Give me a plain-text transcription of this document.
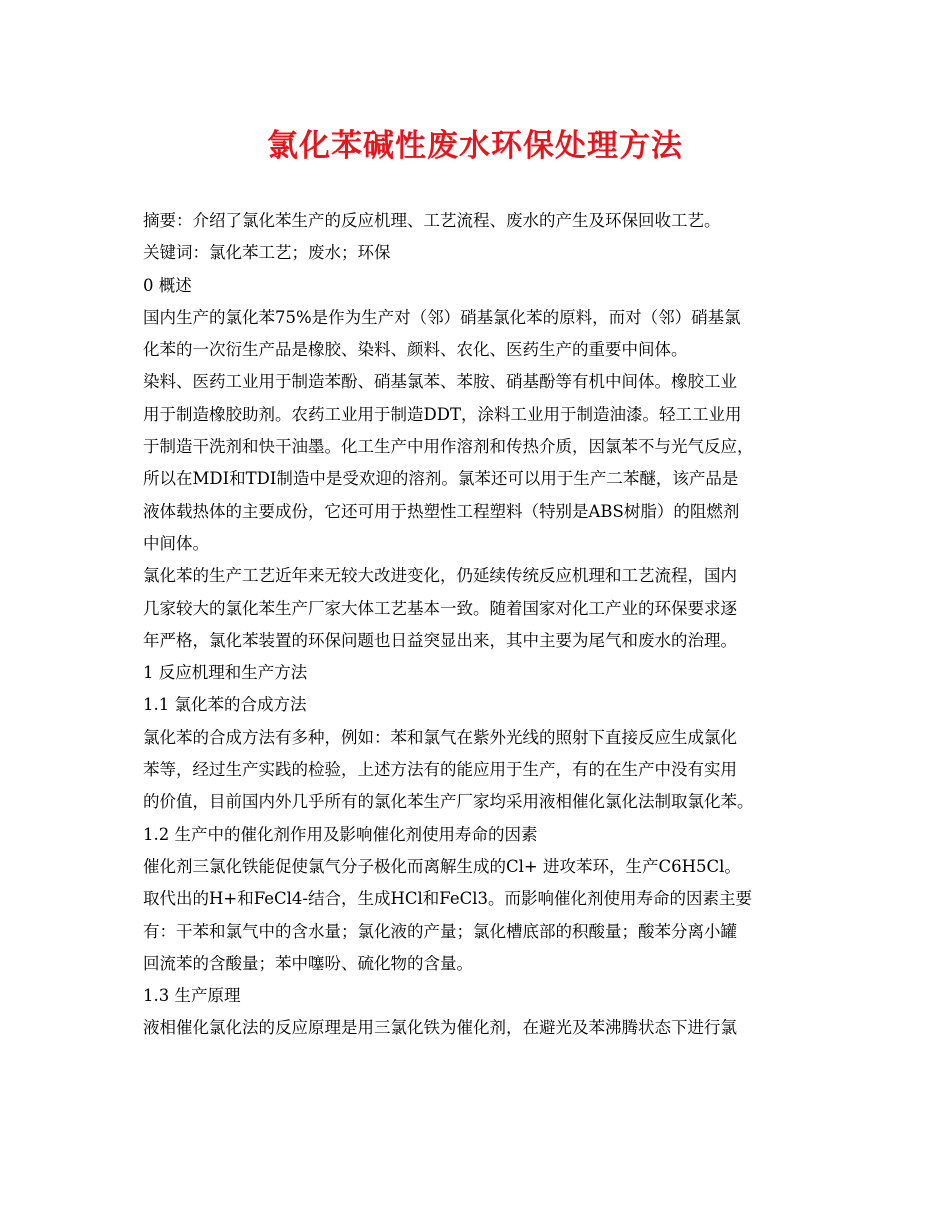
氯化苯碱性废水环保处理方法

摘要：介绍了氯化苯生产的反应机理、工艺流程、废水的产生及环保回收工艺。

关键词：氯化苯工艺；废水；环保

0 概述

国内生产的氯化苯75%是作为生产对（邻）硝基氯化苯的原料，而对（邻）硝基氯

化苯的一次衍生产品是橡胶、染料、颜料、农化、医药生产的重要中间体。

染料、医药工业用于制造苯酚、硝基氯苯、苯胺、硝基酚等有机中间体。橡胶工业

用于制造橡胶助剂。农药工业用于制造DDT，涂料工业用于制造油漆。轻工工业用

于制造干洗剂和快干油墨。化工生产中用作溶剂和传热介质，因氯苯不与光气反应，

所以在MDI和TDI制造中是受欢迎的溶剂。氯苯还可以用于生产二苯醚，该产品是

液体载热体的主要成份，它还可用于热塑性工程塑料（特别是ABS树脂）的阻燃剂

中间体。

氯化苯的生产工艺近年来无较大改进变化，仍延续传统反应机理和工艺流程，国内

几家较大的氯化苯生产厂家大体工艺基本一致。随着国家对化工产业的环保要求逐

年严格，氯化苯装置的环保问题也日益突显出来，其中主要为尾气和废水的治理。

1 反应机理和生产方法

1.1 氯化苯的合成方法

氯化苯的合成方法有多种，例如：苯和氯气在紫外光线的照射下直接反应生成氯化

苯等，经过生产实践的检验，上述方法有的能应用于生产，有的在生产中没有实用

的价值，目前国内外几乎所有的氯化苯生产厂家均采用液相催化氯化法制取氯化苯。

1.2 生产中的催化剂作用及影响催化剂使用寿命的因素

催化剂三氯化铁能促使氯气分子极化而离解生成的Cl+ 进攻苯环，生产C6H5Cl。

取代出的H+和FeCl4-结合，生成HCl和FeCl3。而影响催化剂使用寿命的因素主要

有：干苯和氯气中的含水量；氯化液的产量；氯化槽底部的积酸量；酸苯分离小罐

回流苯的含酸量；苯中噻吩、硫化物的含量。

1.3 生产原理

液相催化氯化法的反应原理是用三氯化铁为催化剂，在避光及苯沸腾状态下进行氯
